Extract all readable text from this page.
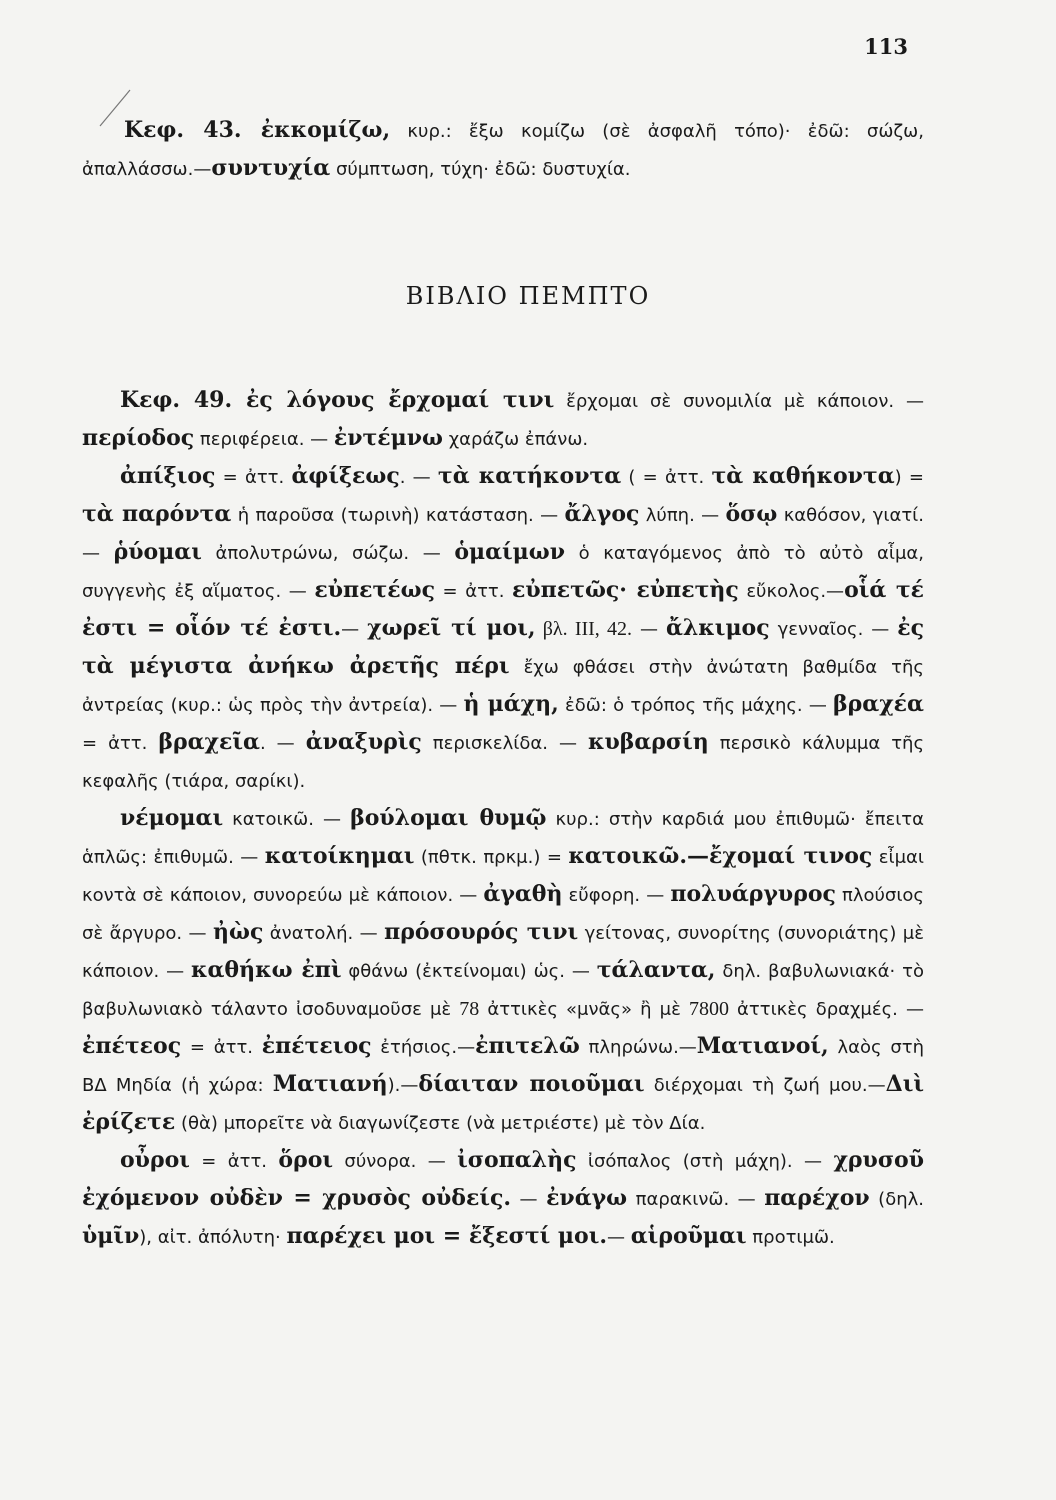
113

Κεφ. 43. ἐκκομίζω, κυρ.: ἔξω κομίζω (σὲ ἀσφαλῆ τόπο)· ἐδῶ: σώζω, ἀπαλλάσσω.—συντυχία σύμπτωση, τύχη· ἐδῶ: δυστυχία.

ΒΙΒΛΙΟ ΠΕΜΠΤΟ

Κεφ. 49. ἐς λόγους ἔρχομαί τινι ἔρχομαι σὲ συνομιλία μὲ κάποιον. — περίοδος περιφέρεια. — ἐντέμνω χαράζω ἐπάνω.

ἀπίξιος = ἀττ. ἀφίξεως. — τὰ κατήκοντα ( = ἀττ. τὰ καθήκοντα) = τὰ παρόντα ἡ παροῦσα (τωρινὴ) κατάσταση. — ἄλγος λύπη. — ὅσῳ καθόσον, γιατί. — ῥύομαι ἀπολυτρώνω, σώζω. — ὁμαίμων ὁ καταγόμενος ἀπὸ τὸ αὐτὸ αἷμα, συγγενὴς ἐξ αἵματος. — εὐπετέως = ἀττ. εὐπετῶς· εὐπετὴς εὔκολος.—οἷά τέ ἐστι = οἷόν τέ ἐστι.— χωρεῖ τί μοι, βλ. III, 42. — ἄλκιμος γενναῖος. — ἐς τὰ μέγιστα ἀνήκω ἀρετῆς πέρι ἔχω φθάσει στὴν ἀνώτατη βαθμίδα τῆς ἀντρείας (κυρ.: ὡς πρὸς τὴν ἀντρεία). — ἡ μάχη, ἐδῶ: ὁ τρόπος τῆς μάχης. — βραχέα = ἀττ. βραχεῖα. — ἀναξυρὶς περισκελίδα. — κυβαρσίη περσικὸ κάλυμμα τῆς κεφαλῆς (τιάρα, σαρίκι).

νέμομαι κατοικῶ. — βούλομαι θυμῷ κυρ.: στὴν καρδιά μου ἐπιθυμῶ· ἔπειτα ἁπλῶς: ἐπιθυμῶ. — κατοίκημαι (πθτκ. πρκμ.) = κατοικῶ.—ἔχομαί τινος εἶμαι κοντὰ σὲ κάποιον, συνορεύω μὲ κάποιον. — ἀγαθὴ εὔφορη. — πολυάργυρος πλούσιος σὲ ἄργυρο. — ἠὼς ἀνατολή. — πρόσουρός τινι γείτονας, συνορίτης (συνοριάτης) μὲ κάποιον. — καθήκω ἐπὶ φθάνω (ἐκτείνομαι) ὡς. — τάλαντα, δηλ. βαβυλωνιακά· τὸ βαβυλωνιακὸ τάλαντο ἰσοδυναμοῦσε μὲ 78 ἀττικὲς «μνᾶς» ἢ μὲ 7800 ἀττικὲς δραχμές. — ἐπέτεος = ἀττ. ἐπέτειος ἐτήσιος.—ἐπιτελῶ πληρώνω.—Ματιανοί, λαὸς στὴ ΒΔ Μηδία (ἡ χώρα: Ματιανή).—δίαιταν ποιοῦμαι διέρχομαι τὴ ζωή μου.—Διὶ ἐρίζετε (θὰ) μπορεῖτε νὰ διαγωνίζεστε (νὰ μετριέστε) μὲ τὸν Δία.

οὖροι = ἀττ. ὅροι σύνορα. — ἰσοπαλὴς ἰσόπαλος (στὴ μάχη). — χρυσοῦ ἐχόμενον οὐδὲν = χρυσὸς οὐδείς. — ἐνάγω παρακινῶ. — παρέχον (δηλ. ὑμῖν), αἰτ. ἀπόλυτη· παρέχει μοι = ἔξεστί μοι.— αἱροῦμαι προτιμῶ.
